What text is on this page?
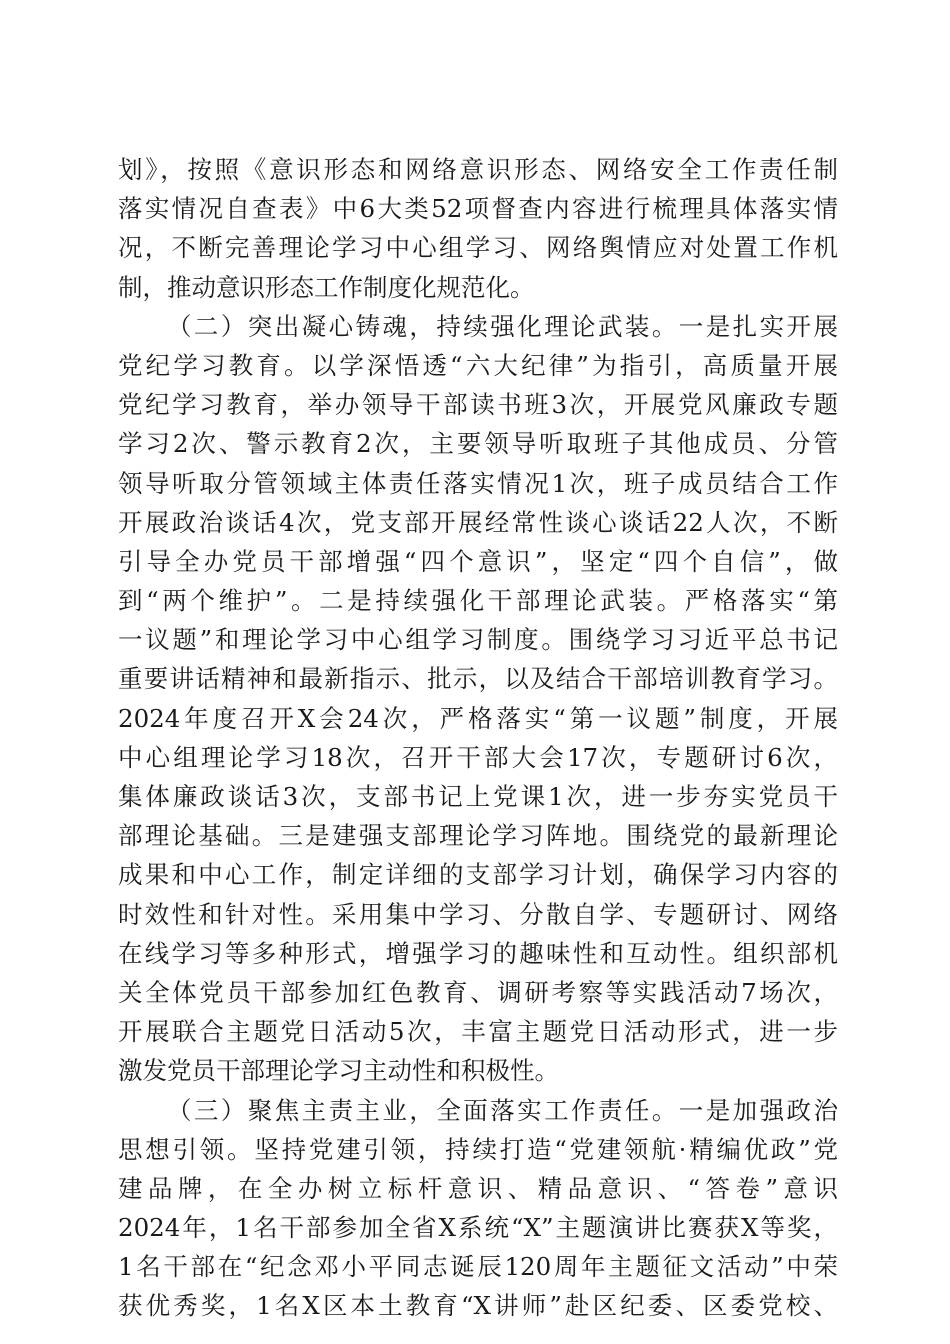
划》，按照《意识形态和网络意识形态、网络安全工作责任制
落实情况自查表》中6大类52项督查内容进行梳理具体落实情
况，不断完善理论学习中心组学习、网络舆情应对处置工作机
制，推动意识形态工作制度化规范化。
（二）突出凝心铸魂，持续强化理论武装。一是扎实开展
党纪学习教育。以学深悟透“六大纪律”为指引，高质量开展
党纪学习教育，举办领导干部读书班3次，开展党风廉政专题
学习2次、警示教育2次，主要领导听取班子其他成员、分管
领导听取分管领域主体责任落实情况1次，班子成员结合工作
开展政治谈话4次，党支部开展经常性谈心谈话22人次，不断
引导全办党员干部增强“四个意识”，坚定“四个自信”，做
到“两个维护”。二是持续强化干部理论武装。严格落实“第
一议题”和理论学习中心组学习制度。围绕学习习近平总书记
重要讲话精神和最新指示、批示，以及结合干部培训教育学习。
2024年度召开X会24次，严格落实“第一议题”制度，开展
中心组理论学习18次，召开干部大会17次，专题研讨6次，
集体廉政谈话3次，支部书记上党课1次，进一步夯实党员干
部理论基础。三是建强支部理论学习阵地。围绕党的最新理论
成果和中心工作，制定详细的支部学习计划，确保学习内容的
时效性和针对性。采用集中学习、分散自学、专题研讨、网络
在线学习等多种形式，增强学习的趣味性和互动性。组织部机
关全体党员干部参加红色教育、调研考察等实践活动7场次，
开展联合主题党日活动5次，丰富主题党日活动形式，进一步
激发党员干部理论学习主动性和积极性。
（三）聚焦主责主业，全面落实工作责任。一是加强政治
思想引领。坚持党建引领，持续打造“党建领航·精编优政”党
建品牌，在全办树立标杆意识、精品意识、“答卷”意识
2024年，1名干部参加全省X系统“X”主题演讲比赛获X等奖，
1名干部在“纪念邓小平同志诞辰120周年主题征文活动”中荣
获优秀奖，1名X区本土教育“X讲师”赴区纪委、区委党校、
